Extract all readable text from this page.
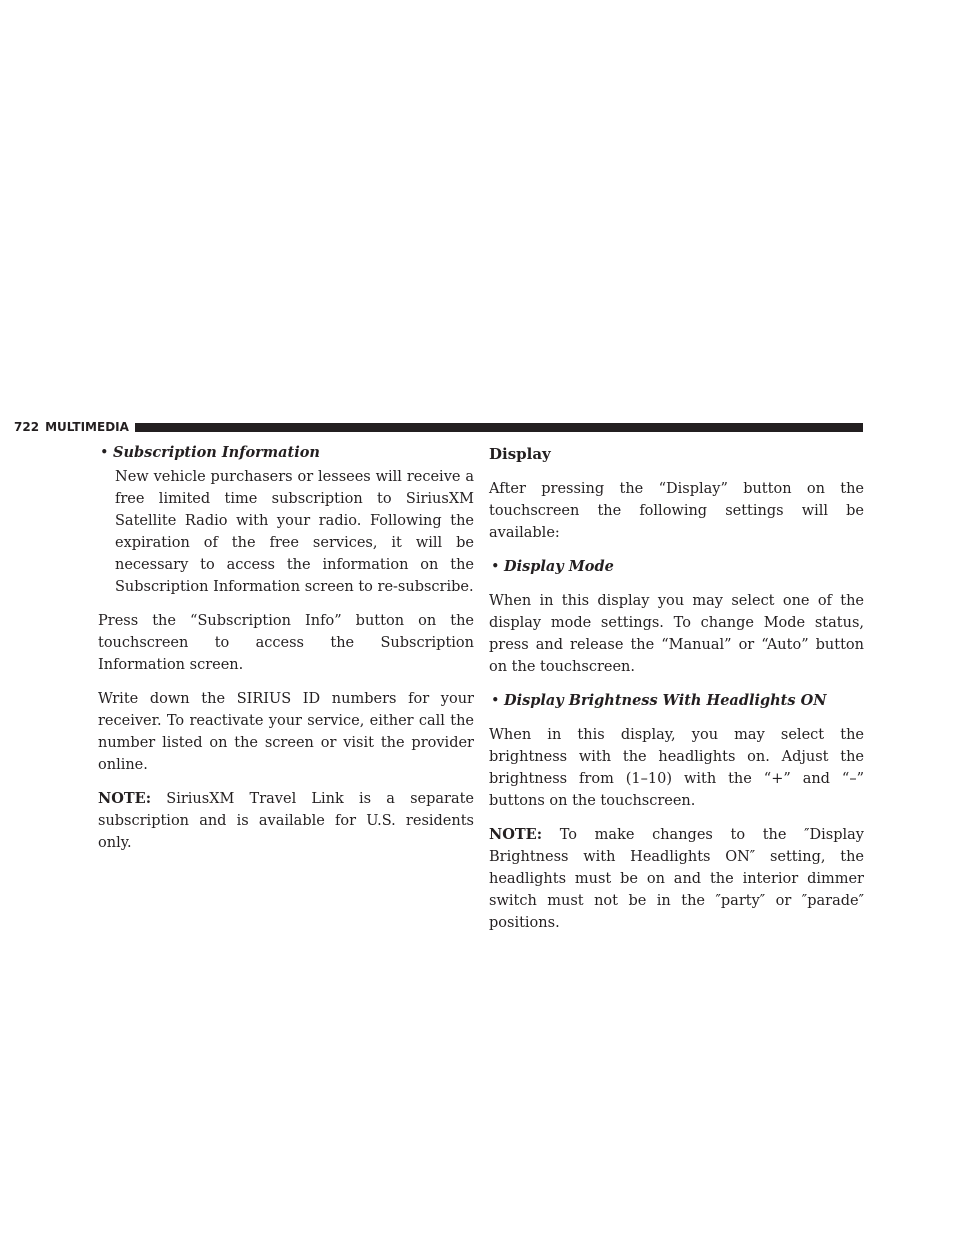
722 MULTIMEDIA
• Subscription Information

New vehicle purchasers or lessees will receive a free limited time subscription to SiriusXM Satellite Radio with your radio. Following the expiration of the free services, it will be necessary to access the information on the Subscription Information screen to re-subscribe.

Press the “Subscription Info” button on the touchscreen to access the Subscription Information screen.

Write down the SIRIUS ID numbers for your receiver. To reactivate your service, either call the number listed on the screen or visit the provider online.

NOTE: SiriusXM Travel Link is a separate subscription and is available for U.S. residents only.

Display

After pressing the “Display” button on the touchscreen the following settings will be available:

• Display Mode

When in this display you may select one of the display mode settings. To change Mode status, press and release the “Manual” or “Auto” button on the touchscreen.

• Display Brightness With Headlights ON

When in this display, you may select the brightness with the headlights on. Adjust the brightness from (1–10) with the “+” and “–” buttons on the touchscreen.

NOTE: To make changes to the ″Display Brightness with Headlights ON″ setting, the headlights must be on and the interior dimmer switch must not be in the ″party″ or ″parade″ positions.
